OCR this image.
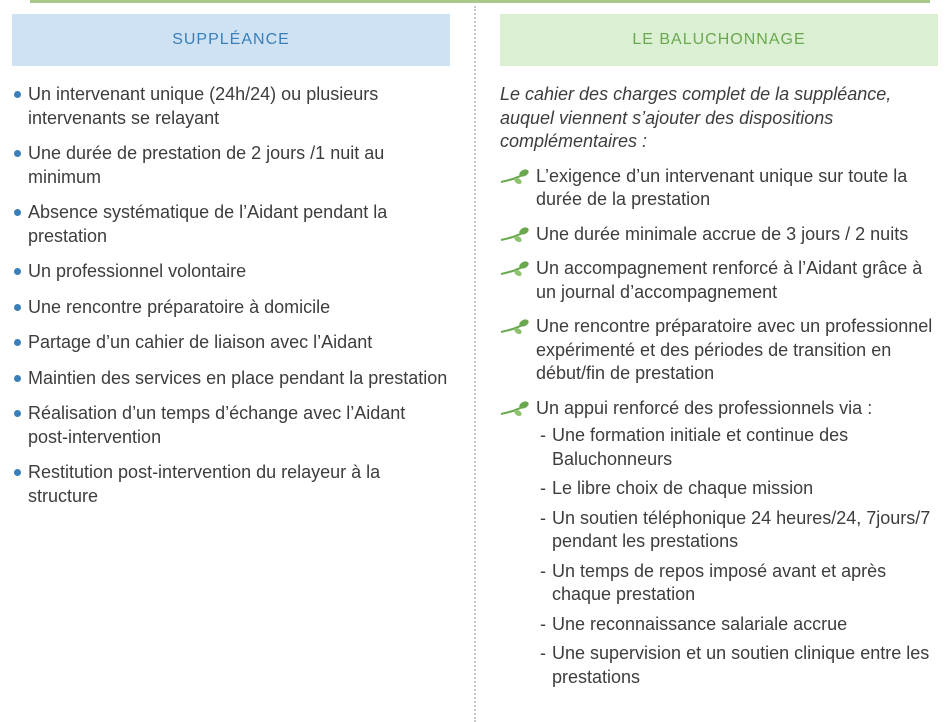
SUPPLÉANCE
Un intervenant unique (24h/24) ou plusieurs intervenants se relayant
Une durée de prestation de 2 jours /1 nuit au minimum
Absence systématique de l’Aidant pendant la prestation
Un professionnel volontaire
Une rencontre préparatoire à domicile
Partage d’un cahier de liaison avec l’Aidant
Maintien des services en place pendant la prestation
Réalisation d’un temps d’échange avec l’Aidant post-intervention
Restitution post-intervention du relayeur à la structure
LE BALUCHONNAGE
Le cahier des charges complet de la suppléance, auquel viennent s’ajouter des dispositions complémentaires :
L’exigence d’un intervenant unique sur toute la durée de la prestation
Une durée minimale accrue de 3 jours / 2 nuits
Un accompagnement renforcé à l’Aidant grâce à un journal d’accompagnement
Une rencontre préparatoire avec un professionnel expérimenté et des périodes de transition en début/fin de prestation
Un appui renforcé des professionnels via :
- Une formation initiale et continue des Baluchonneurs
- Le libre choix de chaque mission
- Un soutien téléphonique 24 heures/24, 7jours/7 pendant les prestations
- Un temps de repos imposé avant et après chaque prestation
- Une reconnaissance salariale accrue
- Une supervision et un soutien clinique entre les prestations
